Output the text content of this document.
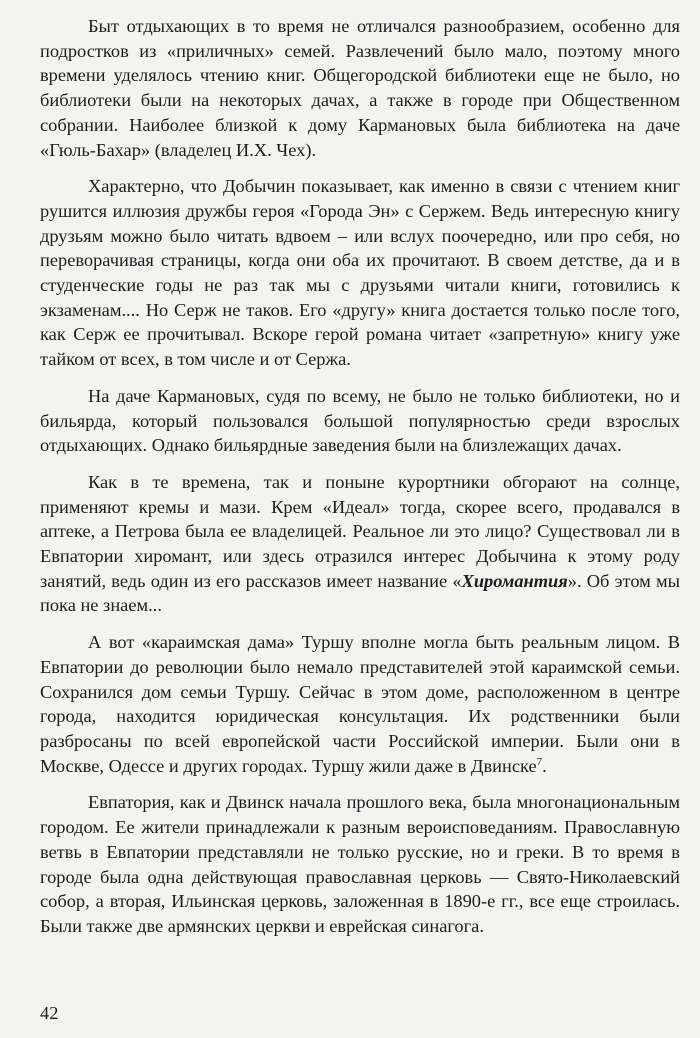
Быт отдыхающих в то время не отличался разнообразием, особенно для подростков из «приличных» семей. Развлечений было мало, поэтому много времени уделялось чтению книг. Общегородской библиотеки еще не было, но библиотеки были на некоторых дачах, а также в городе при Общественном собрании. Наиболее близкой к дому Кармановых была библиотека на даче «Гюль-Бахар» (владелец И.Х. Чех).

Характерно, что Добычин показывает, как именно в связи с чтением книг рушится иллюзия дружбы героя «Города Эн» с Сержем. Ведь интересную книгу друзьям можно было читать вдвоем – или вслух поочередно, или про себя, но переворачивая страницы, когда они оба их прочитают. В своем детстве, да и в студенческие годы не раз так мы с друзьями читали книги, готовились к экзаменам.... Но Серж не таков. Его «другу» книга достается только после того, как Серж ее прочитывал. Вскоре герой романа читает «запретную» книгу уже тайком от всех, в том числе и от Сержа.

На даче Кармановых, судя по всему, не было не только библиотеки, но и бильярда, который пользовался большой популярностью среди взрослых отдыхающих. Однако бильярдные заведения были на близлежащих дачах.

Как в те времена, так и поныне курортники обгорают на солнце, применяют кремы и мази. Крем «Идеал» тогда, скорее всего, продавался в аптеке, а Петрова была ее владелицей. Реальное ли это лицо? Существовал ли в Евпатории хиромант, или здесь отразился интерес Добычина к этому роду занятий, ведь один из его рассказов имеет название «Хиромантия». Об этом мы пока не знаем...

А вот «караимская дама» Туршу вполне могла быть реальным лицом. В Евпатории до революции было немало представителей этой караимской семьи. Сохранился дом семьи Туршу. Сейчас в этом доме, расположенном в центре города, находится юридическая консультация. Их родственники были разбросаны по всей европейской части Российской империи. Были они в Москве, Одессе и других городах. Туршу жили даже в Двинске$^7$.

Евпатория, как и Двинск начала прошлого века, была многонациональным городом. Ее жители принадлежали к разным вероисповеданиям. Православную ветвь в Евпатории представляли не только русские, но и греки. В то время в городе была одна действующая православная церковь — Свято-Николаевский собор, а вторая, Ильинская церковь, заложенная в 1890-е гг., все еще строилась. Были также две армянских церкви и еврейская синагога.

42
